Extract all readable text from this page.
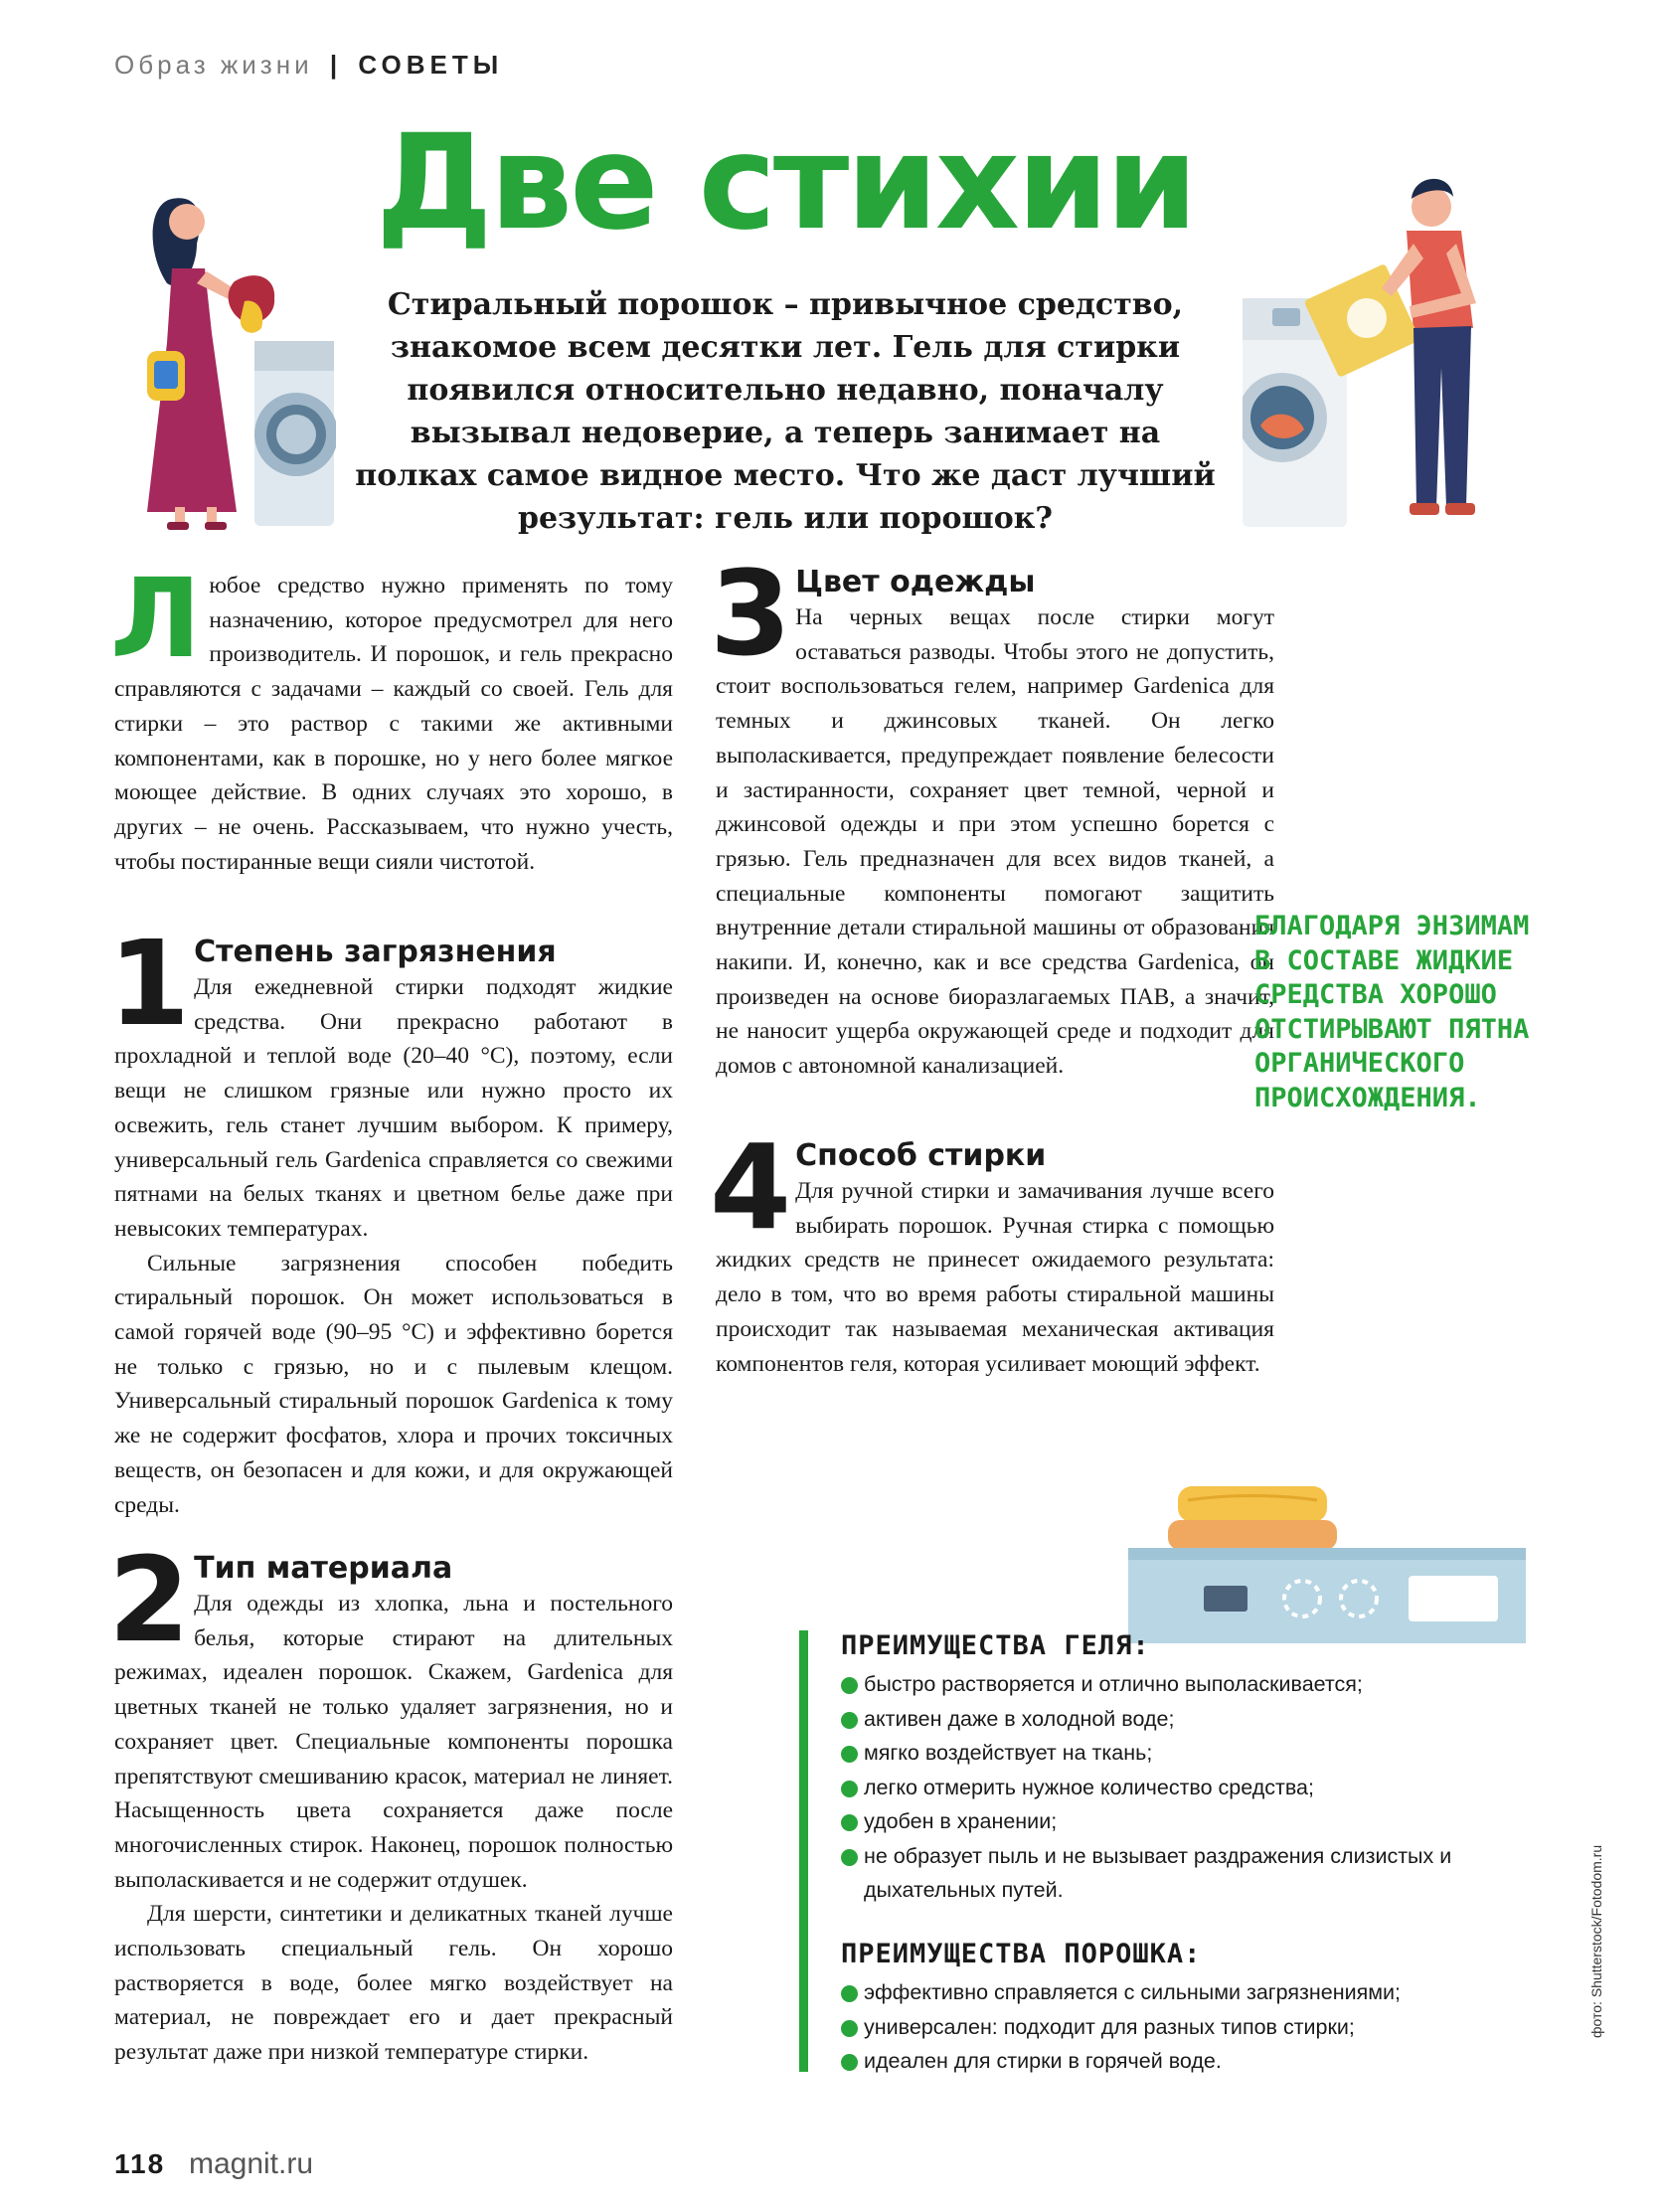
Образ жизни | СОВЕТЫ
Две стихии
Стиральный порошок – привычное средство, знакомое всем десятки лет. Гель для стирки появился относительно недавно, поначалу вызывал недоверие, а теперь занимает на полках самое видное место. Что же даст лучший результат: гель или порошок?
Л юбое средство нужно применять по тому назначению, которое предусмотрел для него производитель. И порошок, и гель прекрасно справляются с задачами – каждый со своей. Гель для стирки – это раствор с такими же активными компонентами, как в порошке, но у него более мягкое моющее действие. В одних случаях это хорошо, в других – не очень. Рассказываем, что нужно учесть, чтобы постиранные вещи сияли чистотой.

1 Степень загрязнения

Для ежедневной стирки подходят жидкие средства. Они прекрасно работают в прохладной и теплой воде (20–40 °C), поэтому, если вещи не слишком грязные или нужно просто их освежить, гель станет лучшим выбором. К примеру, универсальный гель Gardenica справляется со свежими пятнами на белых тканях и цветном белье даже при невысоких температурах.

Сильные загрязнения способен победить стиральный порошок. Он может использоваться в самой горячей воде (90–95 °C) и эффективно борется не только с грязью, но и с пылевым клещом. Универсальный стиральный порошок Gardenica к тому же не содержит фосфатов, хлора и прочих токсичных веществ, он безопасен и для кожи, и для окружающей среды.

2 Тип материала

Для одежды из хлопка, льна и постельного белья, которые стирают на длительных режимах, идеален порошок. Скажем, Gardenica для цветных тканей не только удаляет загрязнения, но и сохраняет цвет. Специальные компоненты порошка препятствуют смешиванию красок, материал не линяет. Насыщенность цвета сохраняется даже после многочисленных стирок. Наконец, порошок полностью выполаскивается и не содержит отдушек.

Для шерсти, синтетики и деликатных тканей лучше использовать специальный гель. Он хорошо растворяется в воде, более мягко воздействует на материал, не повреждает его и дает прекрасный результат даже при низкой температуре стирки.

3 Цвет одежды

На черных вещах после стирки могут оставаться разводы. Чтобы этого не допустить, стоит воспользоваться гелем, например Gardenica для темных и джинсовых тканей. Он легко выполаскивается, предупреждает появление белесости и застиранности, сохраняет цвет темной, черной и джинсовой одежды и при этом успешно борется с грязью. Гель предназначен для всех видов тканей, а специальные компоненты помогают защитить внутренние детали стиральной машины от образования накипи. И, конечно, как и все средства Gardenica, он произведен на основе биоразлагаемых ПАВ, а значит, не наносит ущерба окружающей среде и подходит для домов с автономной канализацией.

4 Способ стирки

Для ручной стирки и замачивания лучше всего выбирать порошок. Ручная стирка с помощью жидких средств не принесет ожидаемого результата: дело в том, что во время работы стиральной машины происходит так называемая механическая активация компонентов геля, которая усиливает моющий эффект.

БЛАГОДАРЯ ЭНЗИМАМ В СОСТАВЕ ЖИДКИЕ СРЕДСТВА ХОРОШО ОТСТИРЫВАЮТ ПЯТНА ОРГАНИЧЕСКОГО ПРОИСХОЖДЕНИЯ.
ПРЕИМУЩЕСТВА ГЕЛЯ:
быстро растворяется и отлично выполаскивается;
активен даже в холодной воде;
мягко воздействует на ткань;
легко отмерить нужное количество средства;
удобен в хранении;
не образует пыль и не вызывает раздражения слизистых и дыхательных путей.
ПРЕИМУЩЕСТВА ПОРОШКА:
эффективно справляется с сильными загрязнениями;
универсален: подходит для разных типов стирки;
идеален для стирки в горячей воде.
фото: Shutterstock/Fotodom.ru
118 magnit.ru
